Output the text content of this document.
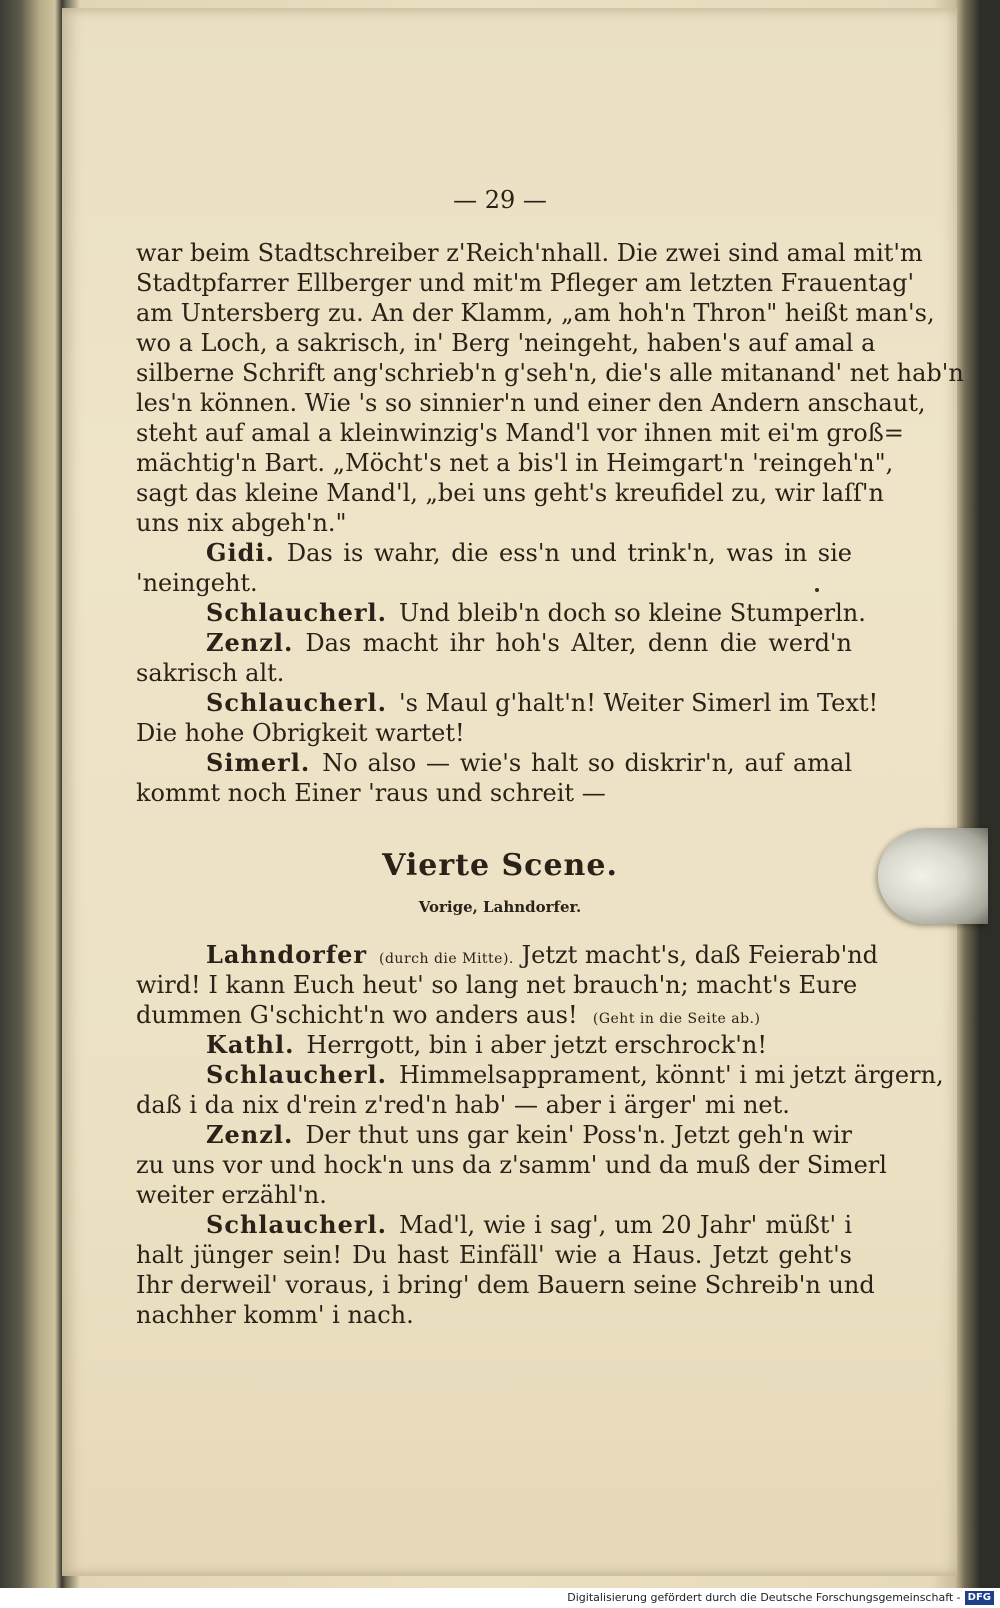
— 29 —
war beim Stadtschreiber z'Reich'nhall. Die zwei sind amal mit'm
Stadtpfarrer Ellberger und mit'm Pfleger am letzten Frauentag'
am Untersberg zu. An der Klamm, „am hoh'n Thron" heißt man's,
wo a Loch, a sakrisch, in' Berg 'neingeht, haben's auf amal a
silberne Schrift ang'schrieb'n g'seh'n, die's alle mitanand' net hab'n
les'n können. Wie 's so sinnier'n und einer den Andern anschaut,
steht auf amal a kleinwinzig's Mand'l vor ihnen mit ei'm groß=
mächtig'n Bart. „Möcht's net a bis'l in Heimgart'n 'reingeh'n",
sagt das kleine Mand'l, „bei uns geht's kreufidel zu, wir laſſ'n
uns nix abgeh'n."
Gidi. Das is wahr, die ess'n und trink'n, was in sie
'neingeht.
Schlaucherl. Und bleib'n doch so kleine Stumperln.
Zenzl. Das macht ihr hoh's Alter, denn die werd'n
sakrisch alt.
Schlaucherl. 's Maul g'halt'n! Weiter Simerl im Text!
Die hohe Obrigkeit wartet!
Simerl. No also — wie's halt so diskrir'n, auf amal
kommt noch Einer 'raus und schreit —
Vierte Scene.
Vorige, Lahndorfer.
Lahndorfer (durch die Mitte). Jetzt macht's, daß Feierab'nd
wird! I kann Euch heut' so lang net brauch'n; macht's Eure
dummen G'schicht'n wo anders aus! (Geht in die Seite ab.)
Kathl. Herrgott, bin i aber jetzt erschrock'n!
Schlaucherl. Himmelsapprament, könnt' i mi jetzt ärgern,
daß i da nix d'rein z'red'n hab' — aber i ärger' mi net.
Zenzl. Der thut uns gar kein' Poss'n. Jetzt geh'n wir
zu uns vor und hock'n uns da z'samm' und da muß der Simerl
weiter erzähl'n.
Schlaucherl. Mad'l, wie i sag', um 20 Jahr' müßt' i
halt jünger sein! Du hast Einfäll' wie a Haus. Jetzt geht's
Ihr derweil' voraus, i bring' dem Bauern seine Schreib'n und
nachher komm' i nach.
Digitalisierung gefördert durch die Deutsche Forschungsgemeinschaft - DFG
